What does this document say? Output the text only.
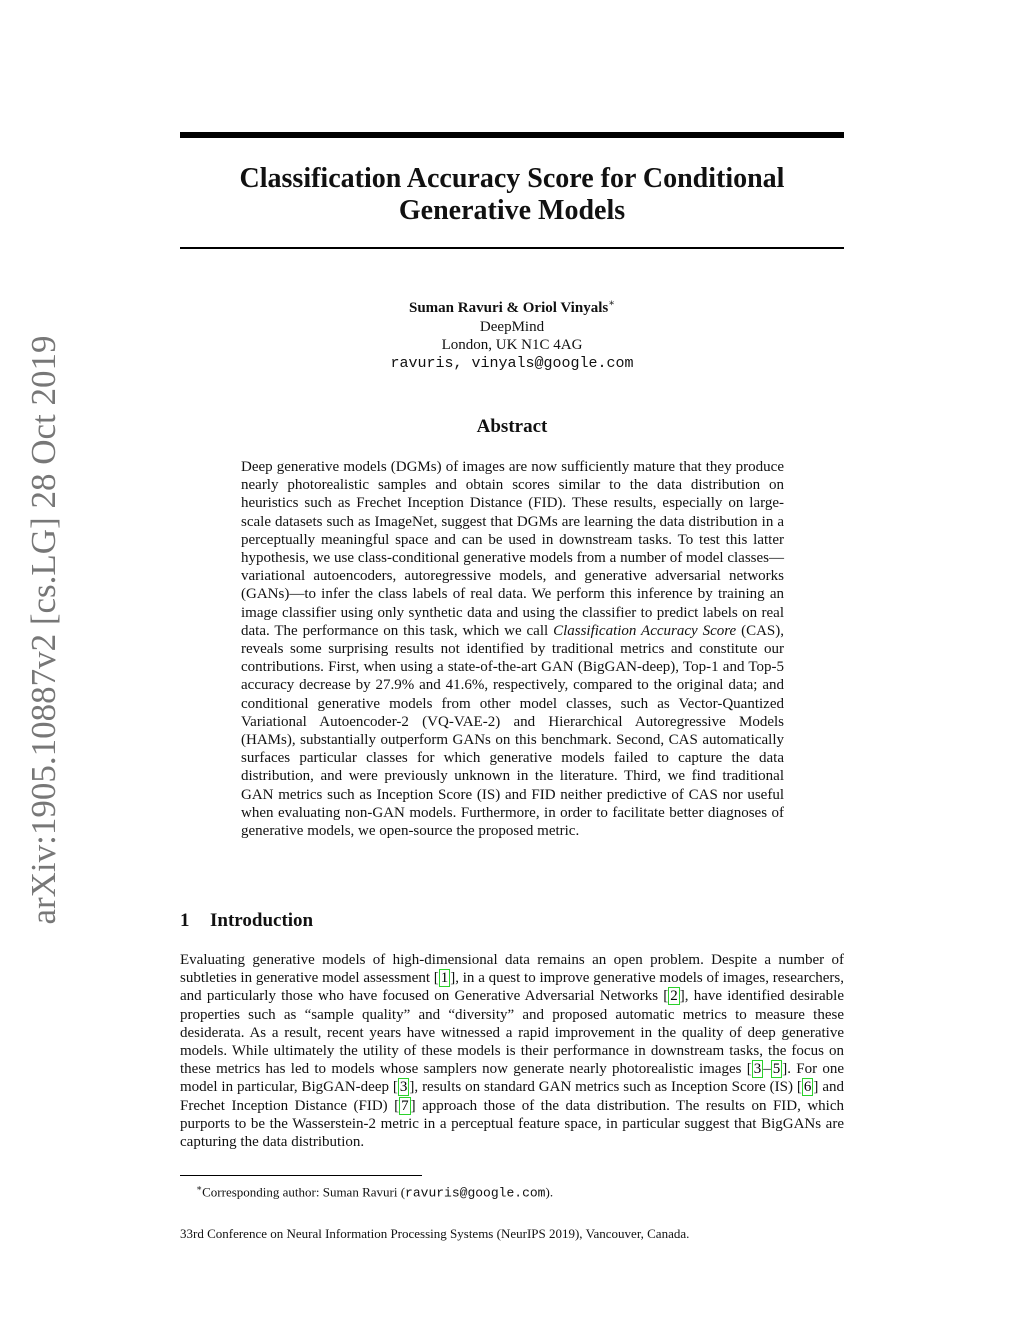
arXiv:1905.10887v2 [cs.LG] 28 Oct 2019
Classification Accuracy Score for Conditional
Generative Models
Suman Ravuri & Oriol Vinyals∗
DeepMind
London, UK N1C 4AG
ravuris, vinyals@google.com
Abstract

Deep generative models (DGMs) of images are now sufficiently mature that they produce nearly photorealistic samples and obtain scores similar to the data distribution on heuristics such as Frechet Inception Distance (FID). These results, especially on large-scale datasets such as ImageNet, suggest that DGMs are learning the data distribution in a perceptually meaningful space and can be used in downstream tasks. To test this latter hypothesis, we use class-conditional generative models from a number of model classes—variational autoencoders, autoregressive models, and generative adversarial networks (GANs)—to infer the class labels of real data. We perform this inference by training an image classifier using only synthetic data and using the classifier to predict labels on real data. The performance on this task, which we call Classification Accuracy Score (CAS), reveals some surprising results not identified by traditional metrics and constitute our contributions. First, when using a state-of-the-art GAN (BigGAN-deep), Top-1 and Top-5 accuracy decrease by 27.9% and 41.6%, respectively, compared to the original data; and conditional generative models from other model classes, such as Vector-Quantized Variational Autoencoder-2 (VQ-VAE-2) and Hierarchical Autoregressive Models (HAMs), substantially outperform GANs on this benchmark. Second, CAS automatically surfaces particular classes for which generative models failed to capture the data distribution, and were previously unknown in the literature. Third, we find traditional GAN metrics such as Inception Score (IS) and FID neither predictive of CAS nor useful when evaluating non-GAN models. Furthermore, in order to facilitate better diagnoses of generative models, we open-source the proposed metric.

1 Introduction

Evaluating generative models of high-dimensional data remains an open problem. Despite a number of subtleties in generative model assessment [ 1 ], in a quest to improve generative models of images, researchers, and particularly those who have focused on Generative Adversarial Networks [ 2 ], have identified desirable properties such as “sample quality” and “diversity” and proposed automatic metrics to measure these desiderata. As a result, recent years have witnessed a rapid improvement in the quality of deep generative models. While ultimately the utility of these models is their performance in downstream tasks, the focus on these metrics has led to models whose samplers now generate nearly photorealistic images [ 3 – 5 ]. For one model in particular, BigGAN-deep [ 3 ], results on standard GAN metrics such as Inception Score (IS) [ 6 ] and Frechet Inception Distance (FID) [ 7 ] approach those of the data distribution. The results on FID, which purports to be the Wasserstein-2 metric in a perceptual feature space, in particular suggest that BigGANs are capturing the data distribution.

∗Corresponding author: Suman Ravuri (ravuris@google.com).

33rd Conference on Neural Information Processing Systems (NeurIPS 2019), Vancouver, Canada.
